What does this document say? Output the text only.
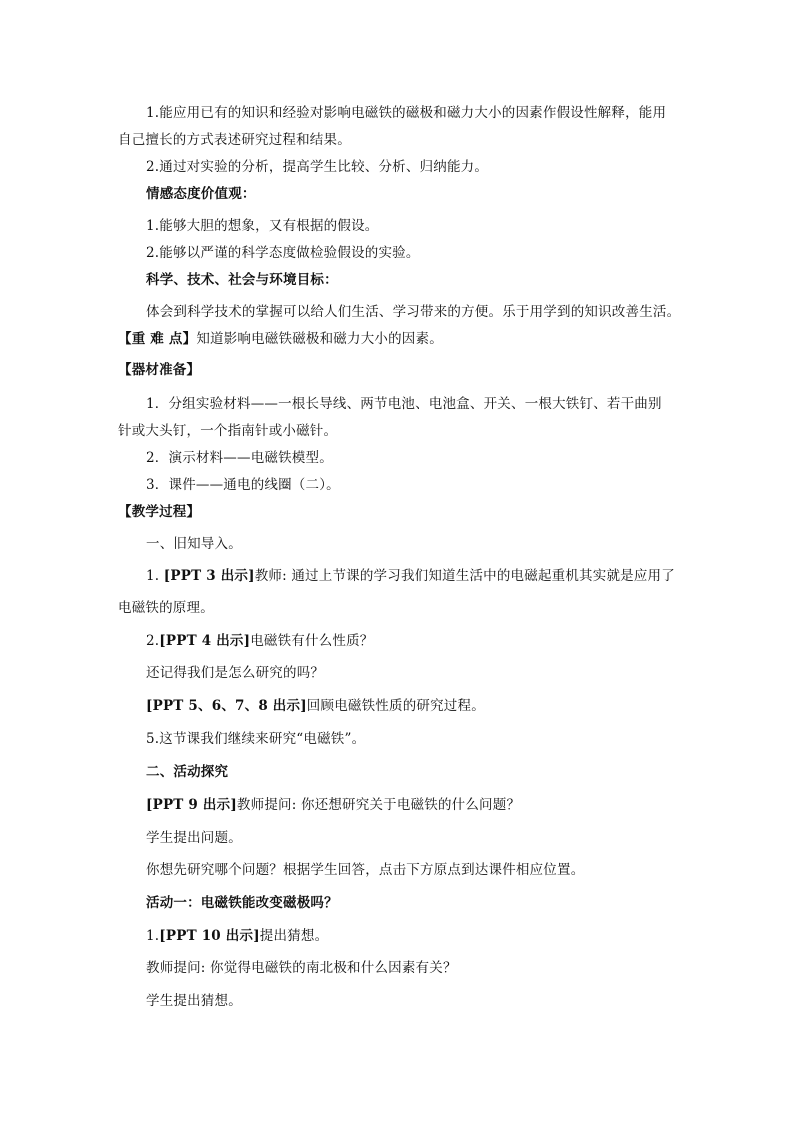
1.能应用已有的知识和经验对影响电磁铁的磁极和磁力大小的因素作假设性解释，能用
自己擅长的方式表述研究过程和结果。
2.通过对实验的分析，提高学生比较、分析、归纳能力。
情感态度价值观：
1.能够大胆的想象，又有根据的假设。
2.能够以严谨的科学态度做检验假设的实验。
科学、技术、社会与环境目标：
体会到科学技术的掌握可以给人们生活、学习带来的方便。乐于用学到的知识改善生活。
【重 难 点】知道影响电磁铁磁极和磁力大小的因素。
【器材准备】
1．分组实验材料——一根长导线、两节电池、电池盒、开关、一根大铁钉、若干曲别
针或大头钉，一个指南针或小磁针。
2．演示材料——电磁铁模型。
3．课件——通电的线圈（二）。
【教学过程】
一、旧知导入。
1. [PPT 3 出示]教师: 通过上节课的学习我们知道生活中的电磁起重机其实就是应用了
电磁铁的原理。
2.[PPT 4 出示]电磁铁有什么性质？
还记得我们是怎么研究的吗？
[PPT 5、6、7、8 出示]回顾电磁铁性质的研究过程。
5.这节课我们继续来研究“电磁铁”。
二、活动探究
[PPT 9 出示]教师提问: 你还想研究关于电磁铁的什么问题？
学生提出问题。
你想先研究哪个问题？根据学生回答，点击下方原点到达课件相应位置。
活动一：电磁铁能改变磁极吗？
1.[PPT 10 出示]提出猜想。
教师提问: 你觉得电磁铁的南北极和什么因素有关？
学生提出猜想。
